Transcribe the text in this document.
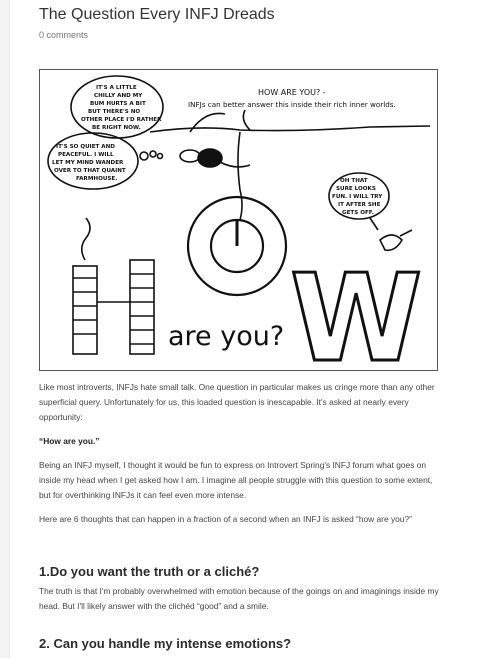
The Question Every INFJ Dreads
0 comments
IT'S A LITTLE
CHILLY AND MY
BUM HURTS A BIT
BUT THERE'S NO
OTHER PLACE I'D RATHER
BE RIGHT NOW.
IT'S SO QUIET AND
PEACEFUL. I WILL
LET MY MIND WANDER
OVER TO THAT QUAINT
FARMHOUSE.	OH THAT
SURE LOOKS
FUN. I WILL TRY
IT AFTER SHE
GETS OFF.
HOW ARE YOU? -
INFJs can better answer this inside their rich inner worlds.
are you? W

Like most introverts, INFJs hate small talk. One question in particular makes us cringe more than any other superficial query. Unfortunately for us, this loaded question is inescapable. It's asked at nearly every opportunity:

“How are you.”

Being an INFJ myself, I thought it would be fun to express on Introvert Spring's INFJ forum what goes on inside my head when I get asked how I am. I imagine all people struggle with this question to some extent, but for overthinking INFJs it can feel even more intense.

Here are 6 thoughts that can happen in a fraction of a second when an INFJ is asked “how are you?”

1.Do you want the truth or a cliché?

The truth is that I'm probably overwhelmed with emotion because of the goings on and imaginings inside my head. But I'll likely answer with the clichéd “good” and a smile.

2. Can you handle my intense emotions?
